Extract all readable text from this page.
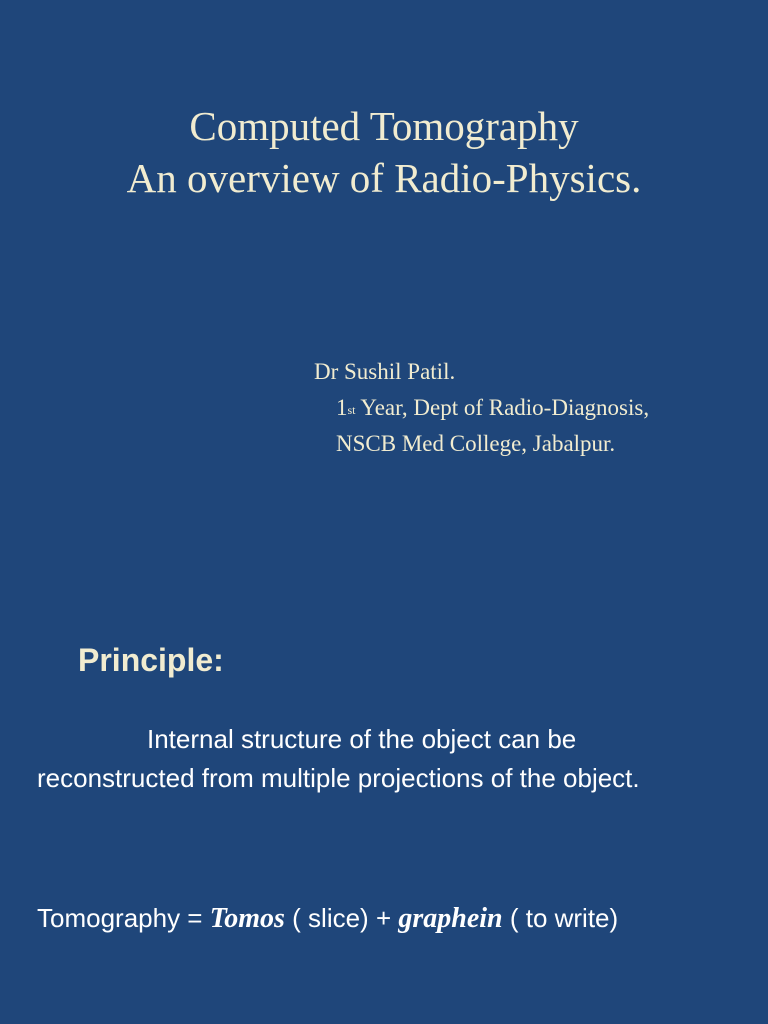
Computed Tomography
An overview of Radio-Physics.
Dr Sushil Patil.
1st Year, Dept of Radio-Diagnosis,
NSCB Med College, Jabalpur.
Principle:
Internal structure of the object can be reconstructed from multiple projections of the object.
Tomography = Tomos ( slice) + graphein ( to write)
